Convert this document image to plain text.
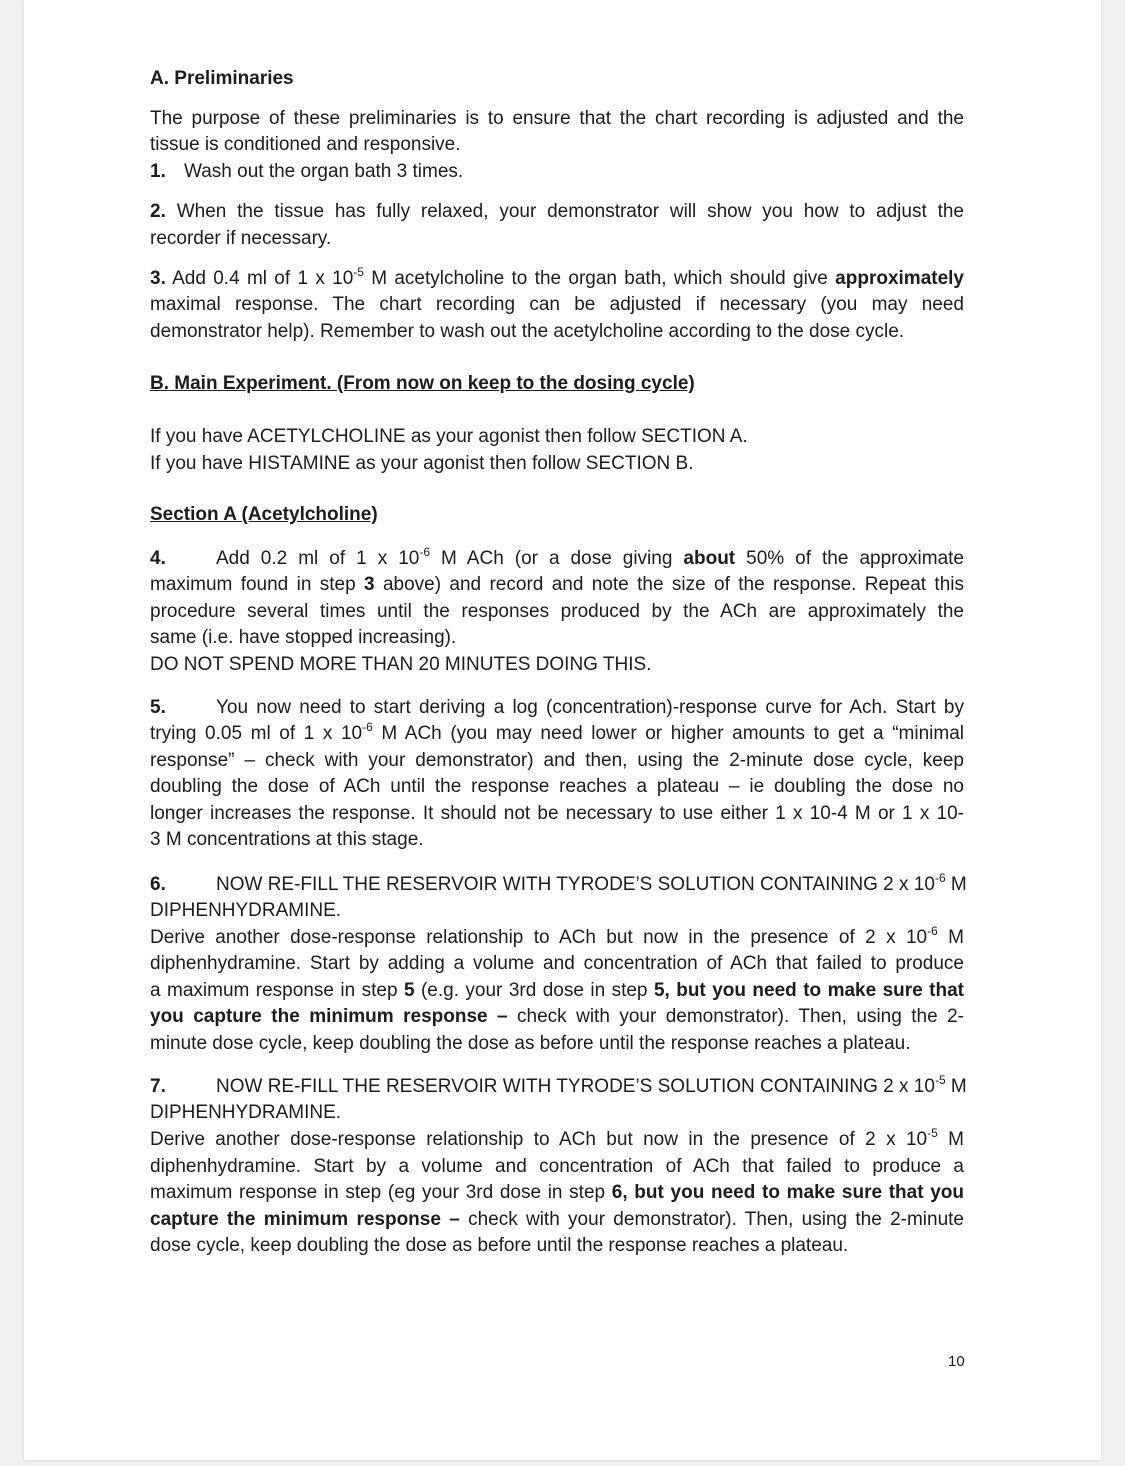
A. Preliminaries
The purpose of these preliminaries is to ensure that the chart recording is adjusted and the
tissue is conditioned and responsive.
1. Wash out the organ bath 3 times.
2. When the tissue has fully relaxed, your demonstrator will show you how to adjust the
recorder if necessary.
3. Add 0.4 ml of 1 x $10^{-5}$ M acetylcholine to the organ bath, which should give approximately
maximal response. The chart recording can be adjusted if necessary (you may need
demonstrator help). Remember to wash out the acetylcholine according to the dose cycle.
B. Main Experiment. (From now on keep to the dosing cycle)
If you have ACETYLCHOLINE as your agonist then follow SECTION A.
If you have HISTAMINE as your agonist then follow SECTION B.
Section A (Acetylcholine)
4.	Add 0.2 ml of 1 x $10^{-6}$ M ACh (or a dose giving about 50% of the approximate
maximum found in step 3 above) and record and note the size of the response. Repeat this
procedure several times until the responses produced by the ACh are approximately the
same (i.e. have stopped increasing).
DO NOT SPEND MORE THAN 20 MINUTES DOING THIS.
5.	You now need to start deriving a log (concentration)-response curve for Ach. Start by
trying 0.05 ml of 1 x $10^{-6}$ M ACh (you may need lower or higher amounts to get a “minimal
response” – check with your demonstrator) and then, using the 2-minute dose cycle, keep
doubling the dose of ACh until the response reaches a plateau – ie doubling the dose no
longer increases the response. It should not be necessary to use either 1 x 10-4 M or 1 x 10-
3 M concentrations at this stage.
6.	NOW RE-FILL THE RESERVOIR WITH TYRODE’S SOLUTION CONTAINING 2 x $10^{-6}$ M
DIPHENHYDRAMINE.
Derive another dose-response relationship to ACh but now in the presence of 2 x $10^{-6}$ M
diphenhydramine. Start by adding a volume and concentration of ACh that failed to produce
a maximum response in step 5 (e.g. your 3rd dose in step 5, but you need to make sure that
you capture the minimum response – check with your demonstrator). Then, using the 2-
minute dose cycle, keep doubling the dose as before until the response reaches a plateau.
7.	NOW RE-FILL THE RESERVOIR WITH TYRODE’S SOLUTION CONTAINING 2 x $10^{-5}$ M
DIPHENHYDRAMINE.
Derive another dose-response relationship to ACh but now in the presence of 2 x $10^{-5}$ M
diphenhydramine. Start by a volume and concentration of ACh that failed to produce a
maximum response in step (eg your 3rd dose in step 6, but you need to make sure that you
capture the minimum response – check with your demonstrator). Then, using the 2-minute
dose cycle, keep doubling the dose as before until the response reaches a plateau.
10
